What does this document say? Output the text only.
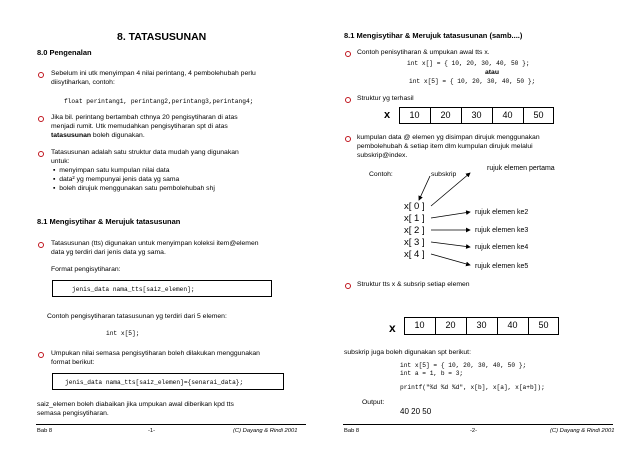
8. TATASUSUNAN
8.0 Pengenalan
Sebelum ini utk menyimpan 4 nilai perintang, 4 pembolehubah perlu
diisytiharkan, contoh:
float perintang1, perintang2,perintang3,perintang4;
Jika bil. perintang bertambah cthnya 20 pengisytiharan di atas
menjadi rumit. Utk memudahkan pengisytiharan spt di atas
tatasusunan boleh digunakan.
Tatasusunan adalah satu struktur data mudah yang digunakan
untuk:
▪  menyimpan satu kumpulan nilai data
▪  data² yg mempunyai jenis data yg sama
▪  boleh dirujuk menggunakan satu pembolehubah shj
8.1 Mengisytihar & Merujuk tatasusunan
Tatasusunan (tts) digunakan untuk menyimpan koleksi item@elemen
data yg terdiri dari jenis data yg sama.
Format pengisytiharan:
jenis_data nama_tts[saiz_elemen];
Contoh pengisytiharan tatasusunan yg terdiri dari 5 elemen:
int x[5];
Umpukan nilai semasa pengisytiharan boleh dilakukan menggunakan
format berikut:
jenis_data nama_tts[saiz_elemen]={senarai_data};
saiz_elemen boleh diabaikan jika umpukan awal diberikan kpd tts
semasa pengisytiharan.
Bab 8	-1-	(C) Dayang & Rindi 2001
8.1 Mengisytihar & Merujuk tatasusunan (samb....)
Contoh penisytiharan & umpukan awal tts x.
int x[] = { 10, 20, 30, 40, 50 };
atau
int x[5] = { 10, 20, 30, 40, 50 };
Struktur yg terhasil
x	10	20	30	40	50
kumpulan data @ elemen yg disimpan dirujuk menggunakan
pembolehubah & setiap item dlm kumpulan dirujuk melalui
subskrip@index.
Contoh:	subskrip
x[ 0 ]
x[ 1 ]
x[ 2 ]
x[ 3 ]
x[ 4 ]
rujuk elemen pertama
rujuk elemen ke2
rujuk elemen ke3
rujuk elemen ke4
rujuk elemen ke5
Struktur tts x & subsrip setiap elemen
x	10	20	30	40	50
subskrip juga boleh digunakan spt berikut:
int x[5] = { 10, 20, 30, 40, 50 };
int a = 1, b = 3;
printf("%d %d %d", x[b], x[a], x[a+b]);
Output:
40 20 50
Bab 8	-2-	(C) Dayang & Rindi 2001
